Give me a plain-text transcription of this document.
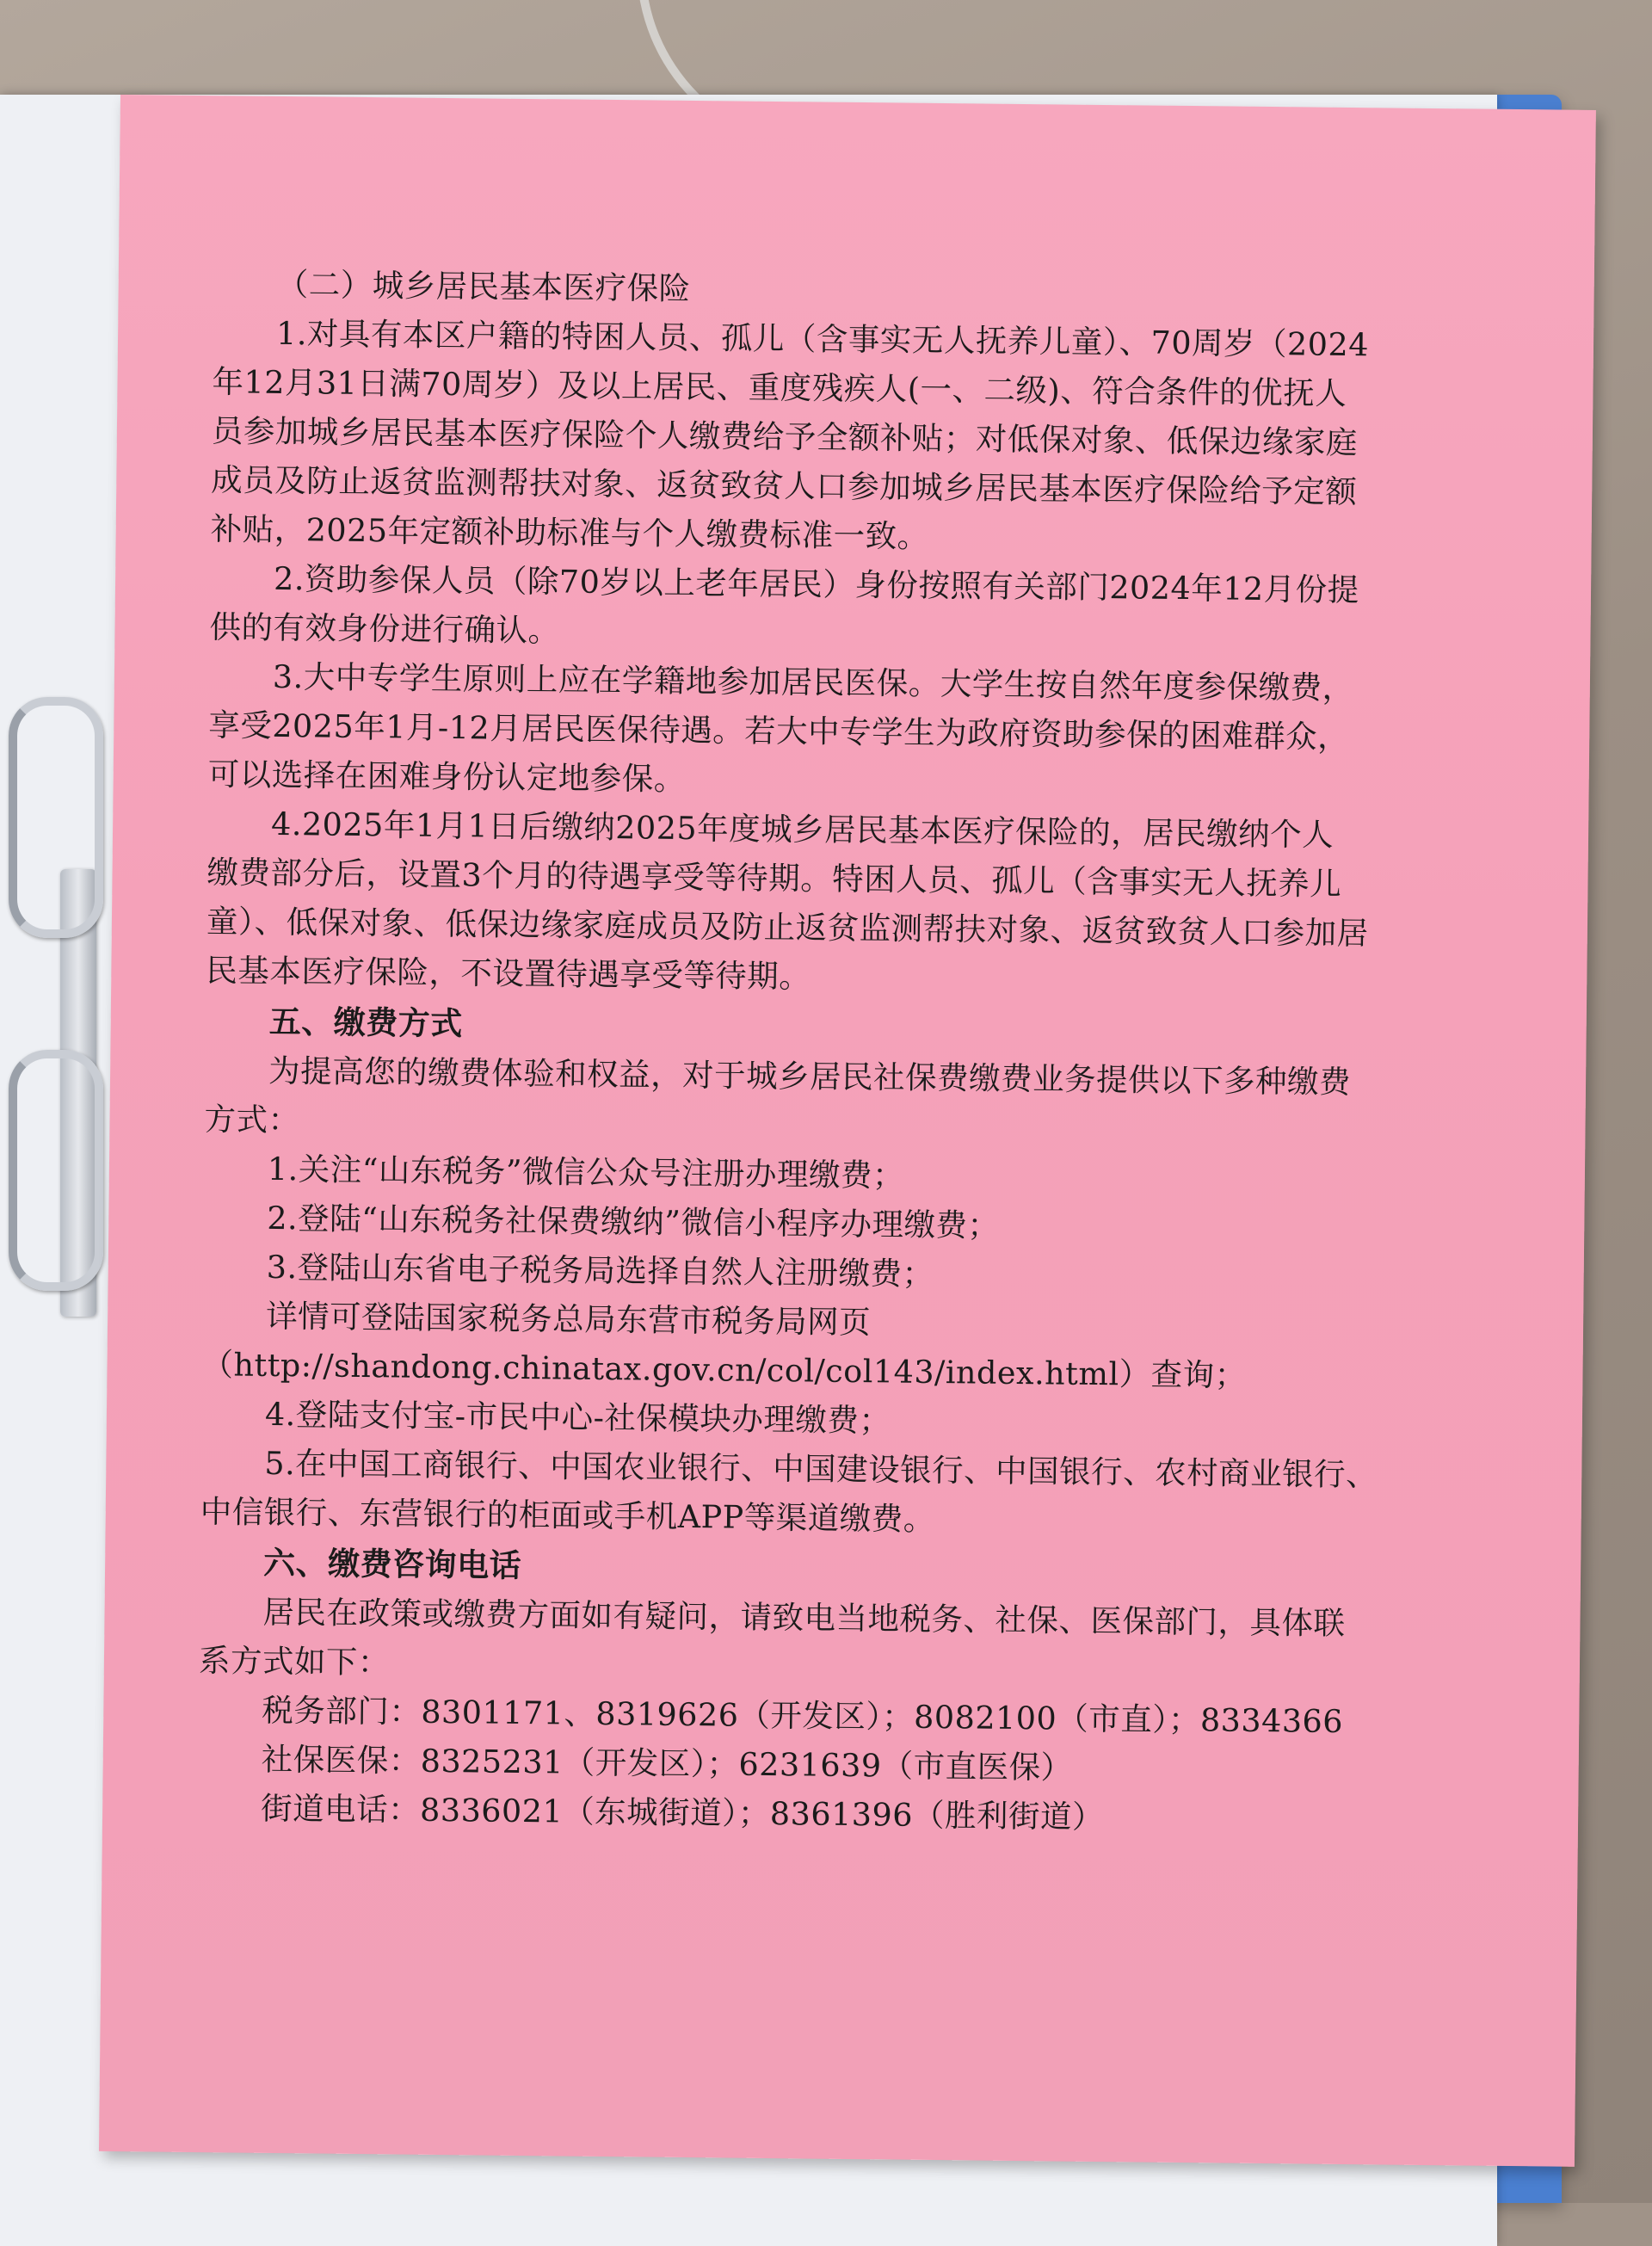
（二）城乡居民基本医疗保险

1.对具有本区户籍的特困人员、孤儿（含事实无人抚养儿童）、70周岁（2024

年12月31日满70周岁）及以上居民、重度残疾人(一、二级)、符合条件的优抚人

员参加城乡居民基本医疗保险个人缴费给予全额补贴；对低保对象、低保边缘家庭

成员及防止返贫监测帮扶对象、返贫致贫人口参加城乡居民基本医疗保险给予定额

补贴，2025年定额补助标准与个人缴费标准一致。

2.资助参保人员（除70岁以上老年居民）身份按照有关部门2024年12月份提

供的有效身份进行确认。

3.大中专学生原则上应在学籍地参加居民医保。大学生按自然年度参保缴费，

享受2025年1月-12月居民医保待遇。若大中专学生为政府资助参保的困难群众，

可以选择在困难身份认定地参保。

4.2025年1月1日后缴纳2025年度城乡居民基本医疗保险的，居民缴纳个人

缴费部分后，设置3个月的待遇享受等待期。特困人员、孤儿（含事实无人抚养儿

童）、低保对象、低保边缘家庭成员及防止返贫监测帮扶对象、返贫致贫人口参加居

民基本医疗保险，不设置待遇享受等待期。

五、缴费方式

为提高您的缴费体验和权益，对于城乡居民社保费缴费业务提供以下多种缴费

方式：

1.关注“山东税务”微信公众号注册办理缴费；

2.登陆“山东税务社保费缴纳”微信小程序办理缴费；

3.登陆山东省电子税务局选择自然人注册缴费；

详情可登陆国家税务总局东营市税务局网页

（http://shandong.chinatax.gov.cn/col/col143/index.html）查询；

4.登陆支付宝-市民中心-社保模块办理缴费；

5.在中国工商银行、中国农业银行、中国建设银行、中国银行、农村商业银行、

中信银行、东营银行的柜面或手机APP等渠道缴费。

六、缴费咨询电话

居民在政策或缴费方面如有疑问，请致电当地税务、社保、医保部门，具体联

系方式如下：

税务部门：8301171、8319626（开发区）；8082100（市直）；8334366

社保医保：8325231（开发区）；6231639（市直医保）

街道电话：8336021（东城街道）；8361396（胜利街道）
